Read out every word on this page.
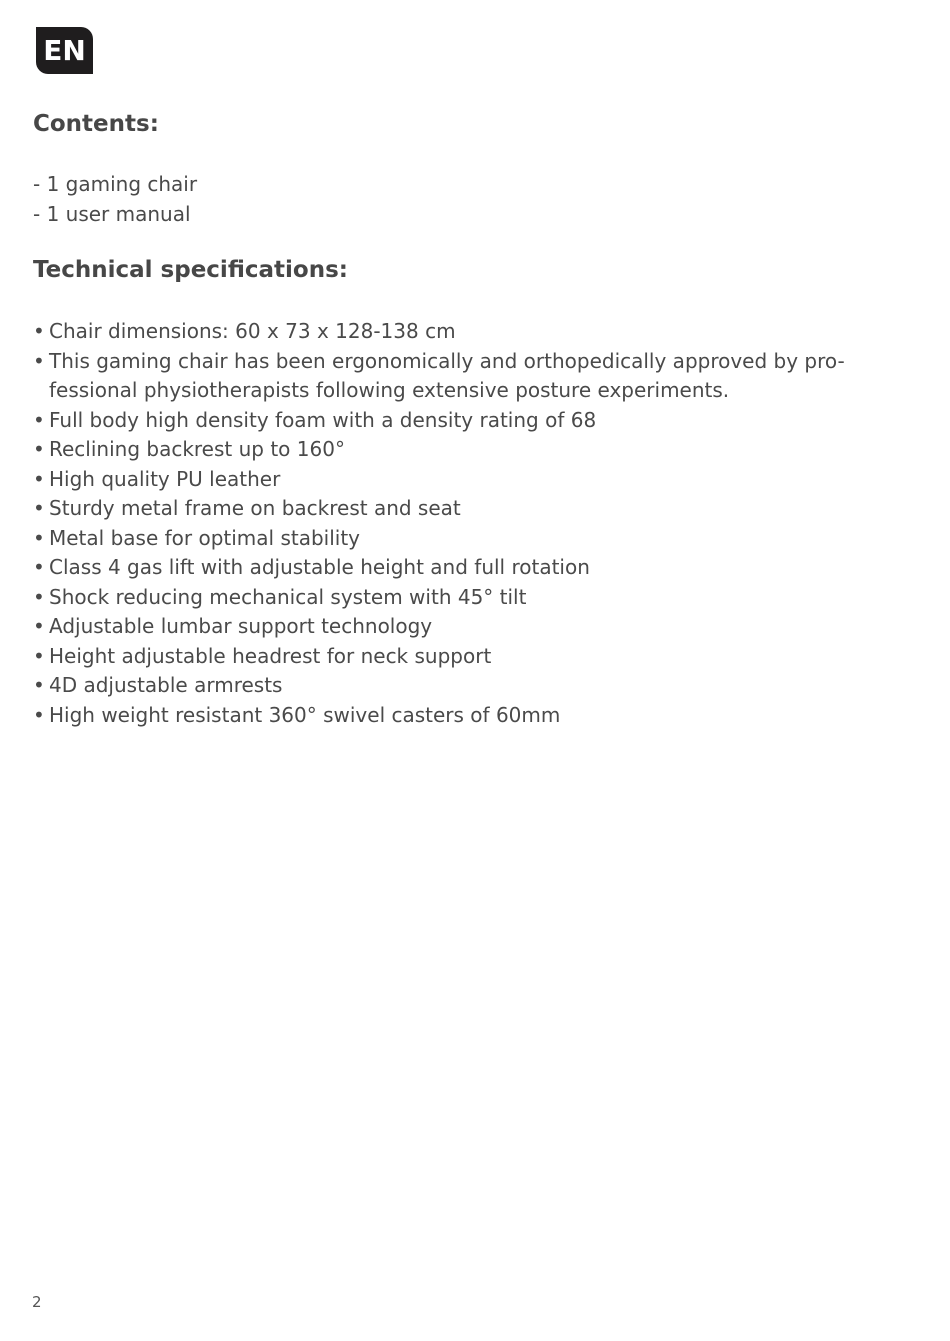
EN
Contents:
- 1 gaming chair
- 1 user manual
Technical specifications:
• Chair dimensions: 60 x 73 x 128-138 cm
• This gaming chair has been ergonomically and orthopedically approved by pro-fessional physiotherapists following extensive posture experiments.
• Full body high density foam with a density rating of 68
• Reclining backrest up to 160°
• High quality PU leather
• Sturdy metal frame on backrest and seat
• Metal base for optimal stability
• Class 4 gas lift with adjustable height and full rotation
• Shock reducing mechanical system with 45° tilt
• Adjustable lumbar support technology
• Height adjustable headrest for neck support
• 4D adjustable armrests
• High weight resistant 360° swivel casters of 60mm
2
